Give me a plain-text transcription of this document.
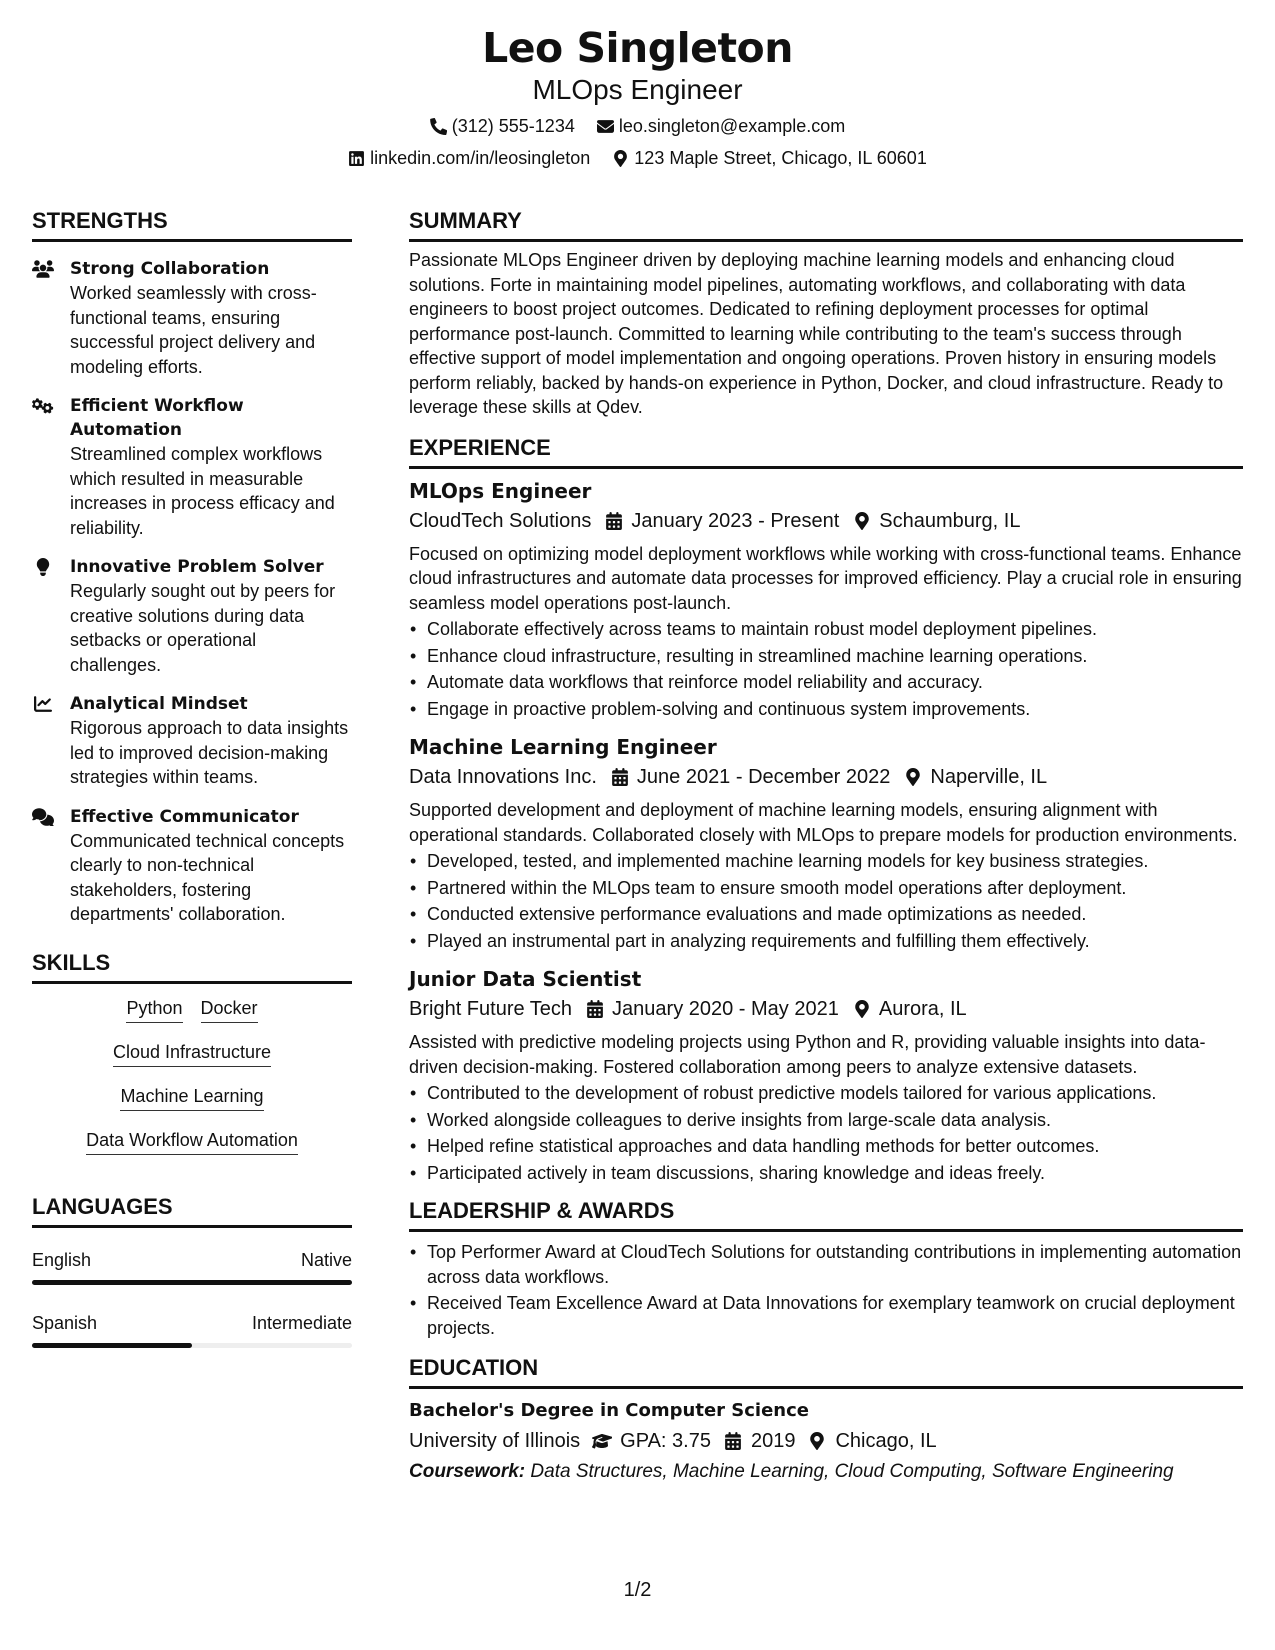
Leo Singleton
MLOps Engineer
(312) 555-1234 leo.singleton@example.com
linkedin.com/in/leosingleton 123 Maple Street, Chicago, IL 60601
STRENGTHS
Strong Collaboration
Worked seamlessly with cross-functional teams, ensuring successful project delivery and modeling efforts.
Efficient Workflow Automation
Streamlined complex workflows which resulted in measurable increases in process efficacy and reliability.
Innovative Problem Solver
Regularly sought out by peers for creative solutions during data setbacks or operational challenges.
Analytical Mindset
Rigorous approach to data insights led to improved decision-making strategies within teams.
Effective Communicator
Communicated technical concepts clearly to non-technical stakeholders, fostering departments' collaboration.
SKILLS
Python Docker
Cloud Infrastructure
Machine Learning
Data Workflow Automation
LANGUAGES
English	Native
Spanish	Intermediate
SUMMARY
Passionate MLOps Engineer driven by deploying machine learning models and enhancing cloud solutions. Forte in maintaining model pipelines, automating workflows, and collaborating with data engineers to boost project outcomes. Dedicated to refining deployment processes for optimal performance post-launch. Committed to learning while contributing to the team's success through effective support of model implementation and ongoing operations. Proven history in ensuring models perform reliably, backed by hands-on experience in Python, Docker, and cloud infrastructure. Ready to leverage these skills at Qdev.
EXPERIENCE
MLOps Engineer
CloudTech Solutions January 2023 - Present Schaumburg, IL
Focused on optimizing model deployment workflows while working with cross-functional teams. Enhance cloud infrastructures and automate data processes for improved efficiency. Play a crucial role in ensuring seamless model operations post-launch.
• Collaborate effectively across teams to maintain robust model deployment pipelines.
• Enhance cloud infrastructure, resulting in streamlined machine learning operations.
• Automate data workflows that reinforce model reliability and accuracy.
• Engage in proactive problem-solving and continuous system improvements.
Machine Learning Engineer
Data Innovations Inc. June 2021 - December 2022 Naperville, IL
Supported development and deployment of machine learning models, ensuring alignment with operational standards. Collaborated closely with MLOps to prepare models for production environments.
• Developed, tested, and implemented machine learning models for key business strategies.
• Partnered within the MLOps team to ensure smooth model operations after deployment.
• Conducted extensive performance evaluations and made optimizations as needed.
• Played an instrumental part in analyzing requirements and fulfilling them effectively.
Junior Data Scientist
Bright Future Tech January 2020 - May 2021 Aurora, IL
Assisted with predictive modeling projects using Python and R, providing valuable insights into data-driven decision-making. Fostered collaboration among peers to analyze extensive datasets.
• Contributed to the development of robust predictive models tailored for various applications.
• Worked alongside colleagues to derive insights from large-scale data analysis.
• Helped refine statistical approaches and data handling methods for better outcomes.
• Participated actively in team discussions, sharing knowledge and ideas freely.
LEADERSHIP & AWARDS
• Top Performer Award at CloudTech Solutions for outstanding contributions in implementing automation across data workflows.
• Received Team Excellence Award at Data Innovations for exemplary teamwork on crucial deployment projects.
EDUCATION
Bachelor's Degree in Computer Science
University of Illinois GPA: 3.75 2019 Chicago, IL
Coursework: Data Structures, Machine Learning, Cloud Computing, Software Engineering
1/2
